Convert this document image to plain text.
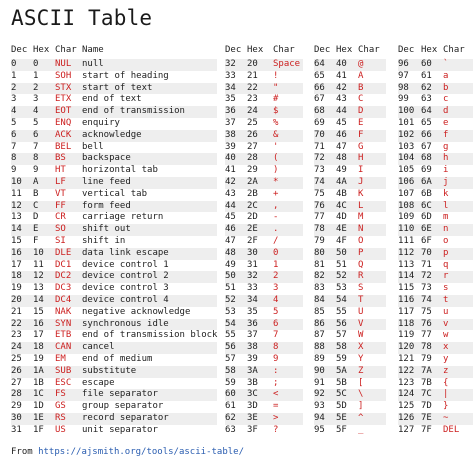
ASCII Table
Dec	Hex	Char	Name
0	0	NUL	null
1	1	SOH	start of heading
2	2	STX	start of text
3	3	ETX	end of text
4	4	EOT	end of transmission
5	5	ENQ	enquiry
6	6	ACK	acknowledge
7	7	BEL	bell
8	8	BS	backspace
9	9	HT	horizontal tab
10	A	LF	line feed
11	B	VT	vertical tab
12	C	FF	form feed
13	D	CR	carriage return
14	E	SO	shift out
15	F	SI	shift in
16	10	DLE	data link escape
17	11	DC1	device control 1
18	12	DC2	device control 2
19	13	DC3	device control 3
20	14	DC4	device control 4
21	15	NAK	negative acknowledge
22	16	SYN	synchronous idle
23	17	ETB	end of transmission block
24	18	CAN	cancel
25	19	EM	end of medium
26	1A	SUB	substitute
27	1B	ESC	escape
28	1C	FS	file separator
29	1D	GS	group separator
30	1E	RS	record separator
31	1F	US	unit separator
Dec	Hex	Char
32	20	Space
33	21	!
34	22	"
35	23	#
36	24	$
37	25	%
38	26	&
39	27	'
40	28	(
41	29	)
42	2A	*
43	2B	+
44	2C	,
45	2D	-
46	2E	.
47	2F	/
48	30	0
49	31	1
50	32	2
51	33	3
52	34	4
53	35	5
54	36	6
55	37	7
56	38	8
57	39	9
58	3A	:
59	3B	;
60	3C	<
61	3D	=
62	3E	>
63	3F	?
Dec	Hex	Char
64	40	@
65	41	A
66	42	B
67	43	C
68	44	D
69	45	E
70	46	F
71	47	G
72	48	H
73	49	I
74	4A	J
75	4B	K
76	4C	L
77	4D	M
78	4E	N
79	4F	O
80	50	P
81	51	Q
82	52	R
83	53	S
84	54	T
85	55	U
86	56	V
87	57	W
88	58	X
89	59	Y
90	5A	Z
91	5B	[
92	5C	\
93	5D	]
94	5E	^
95	5F	_
Dec	Hex	Char
96	60	`
97	61	a
98	62	b
99	63	c
100	64	d
101	65	e
102	66	f
103	67	g
104	68	h
105	69	i
106	6A	j
107	6B	k
108	6C	l
109	6D	m
110	6E	n
111	6F	o
112	70	p
113	71	q
114	72	r
115	73	s
116	74	t
117	75	u
118	76	v
119	77	w
120	78	x
121	79	y
122	7A	z
123	7B	{
124	7C	|
125	7D	}
126	7E	~
127	7F	DEL
From https://ajsmith.org/tools/ascii-table/
